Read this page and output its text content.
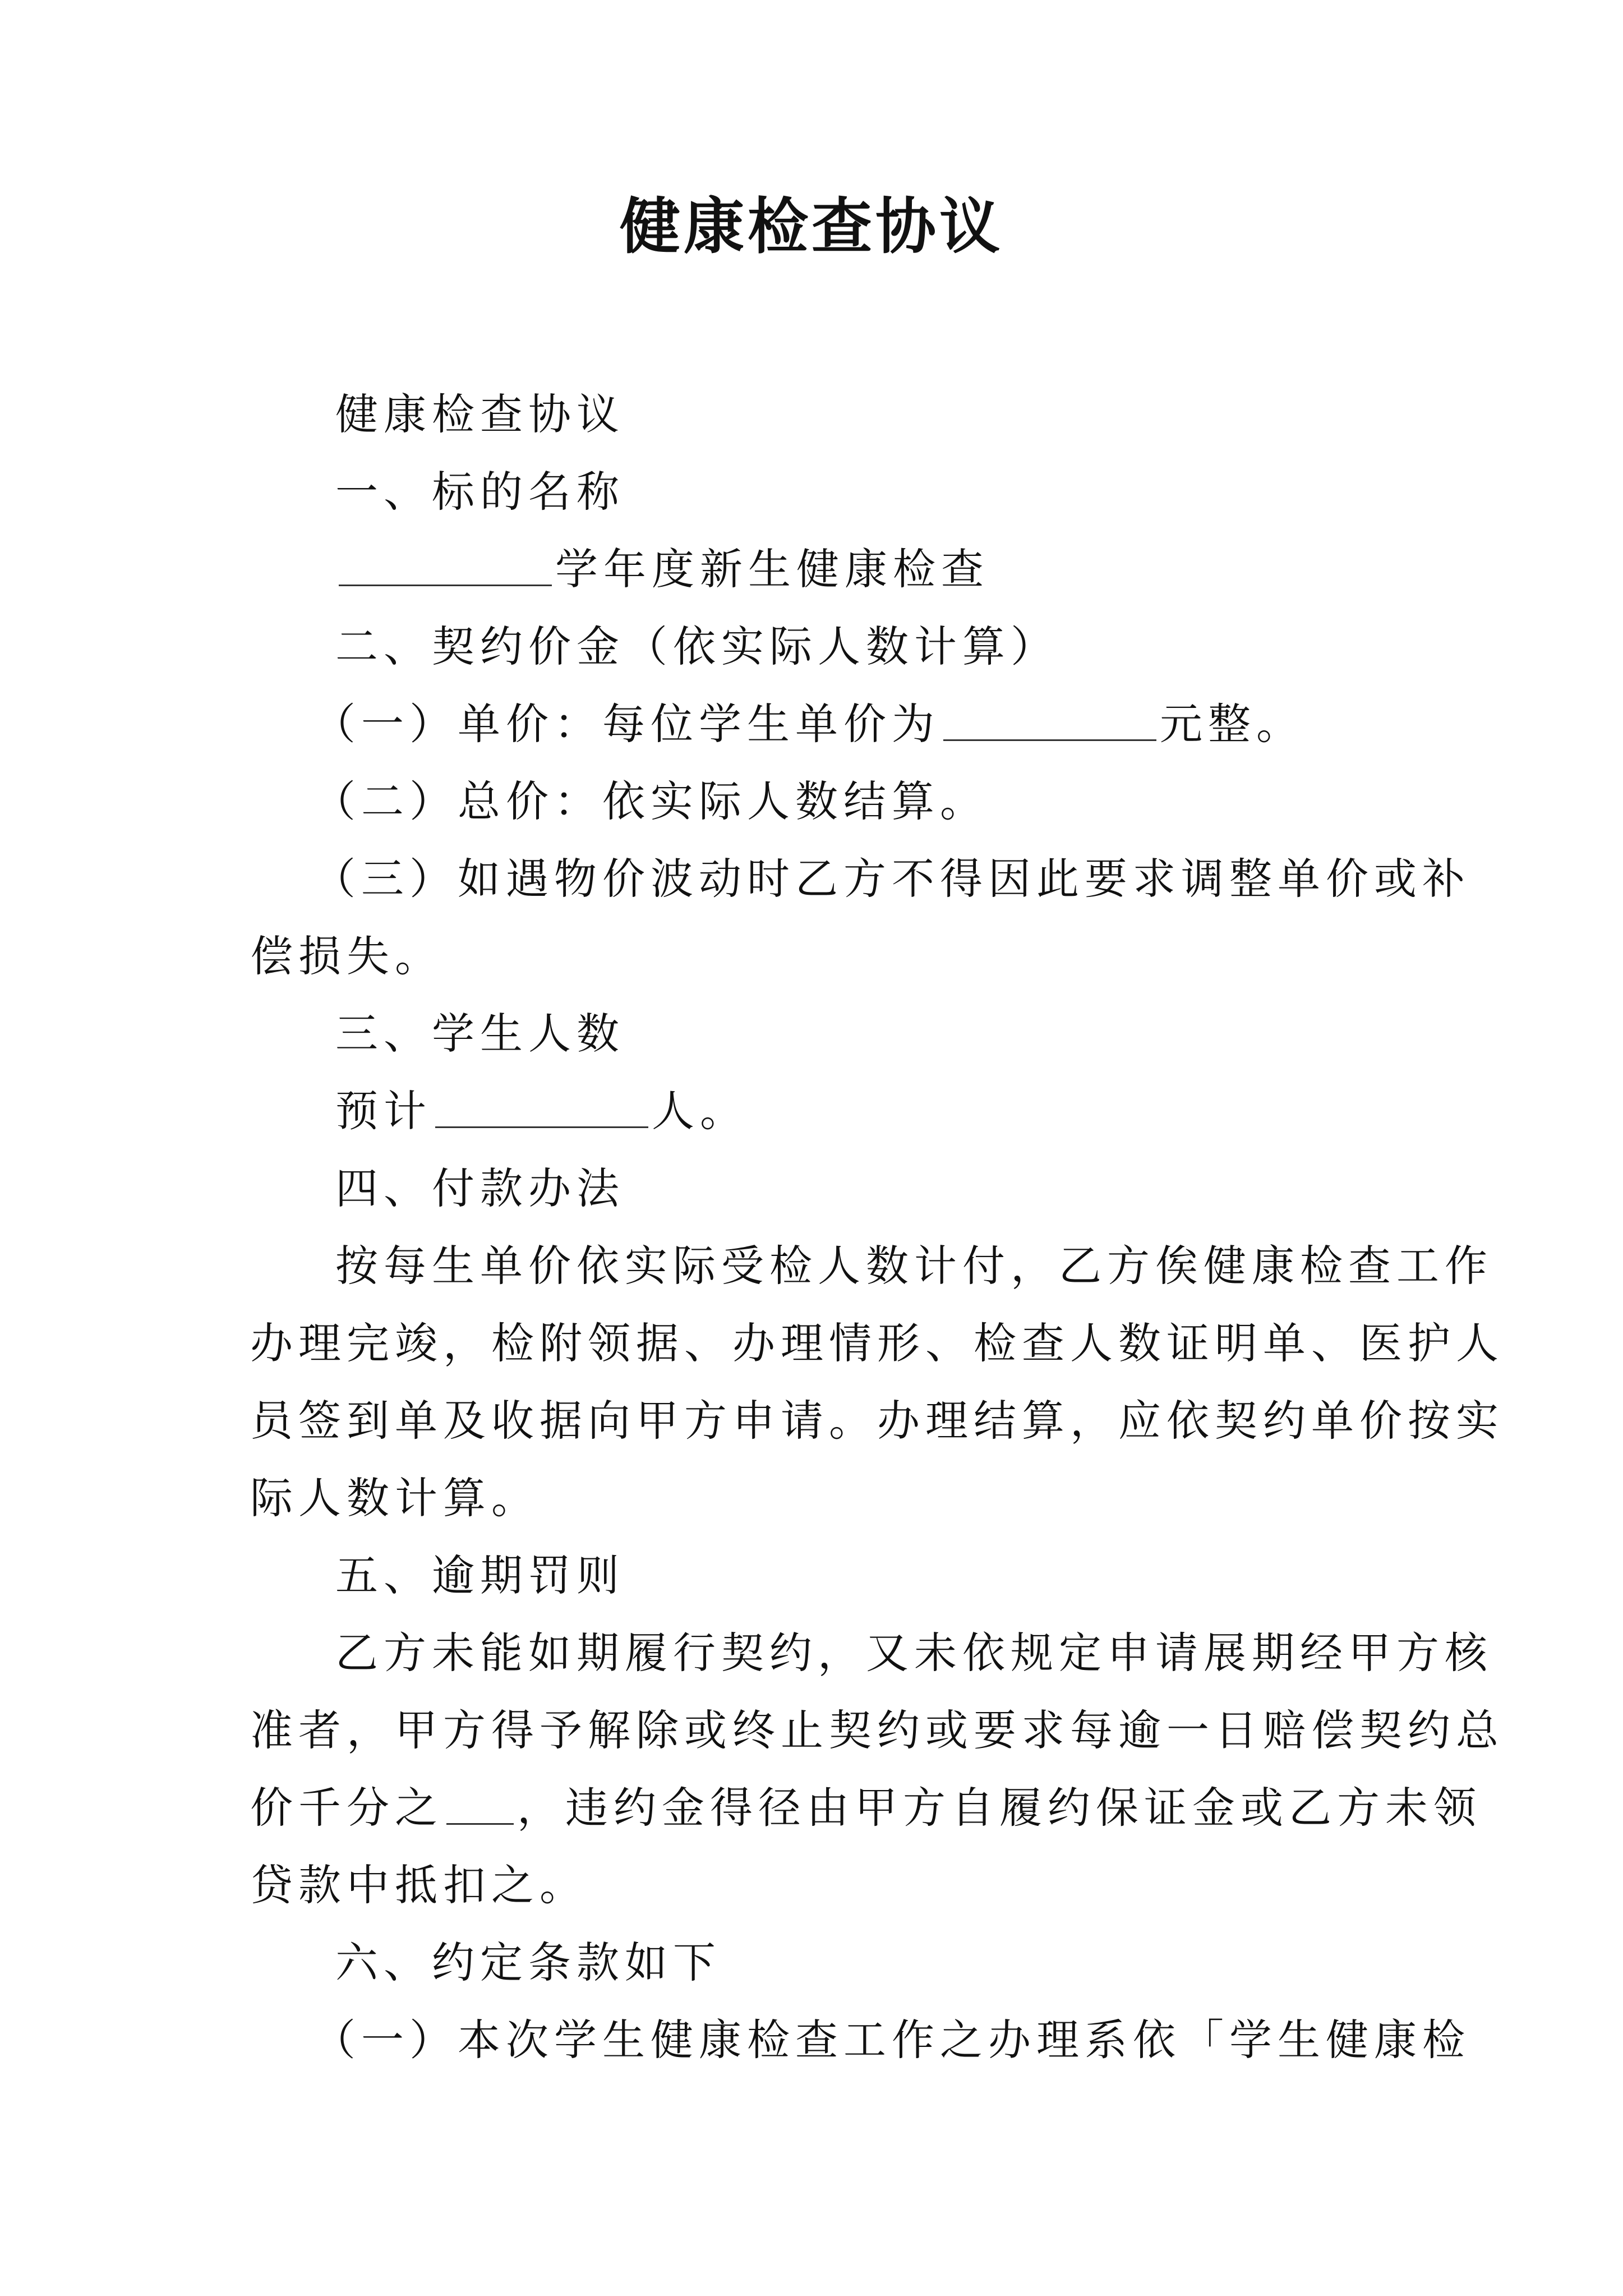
健康检查协议
健康检查协议
一、标的名称
学年度新生健康检查
二、契约价金（依实际人数计算）
（一）单价：每位学生单价为	元整。
（二）总价：依实际人数结算。
（三）如遇物价波动时乙方不得因此要求调整单价或补
偿损失。
三、学生人数
预计	人。
四、付款办法
按每生单价依实际受检人数计付，乙方俟健康检查工作
办理完竣，检附领据、办理情形、检查人数证明单、医护人
员签到单及收据向甲方申请。办理结算，应依契约单价按实
际人数计算。
五、逾期罚则
乙方未能如期履行契约，又未依规定申请展期经甲方核
准者，甲方得予解除或终止契约或要求每逾一日赔偿契约总
价千分之 ，违约金得径由甲方自履约保证金或乙方未领
贷款中抵扣之。
六、约定条款如下
（一）本次学生健康检查工作之办理系依「学生健康检
